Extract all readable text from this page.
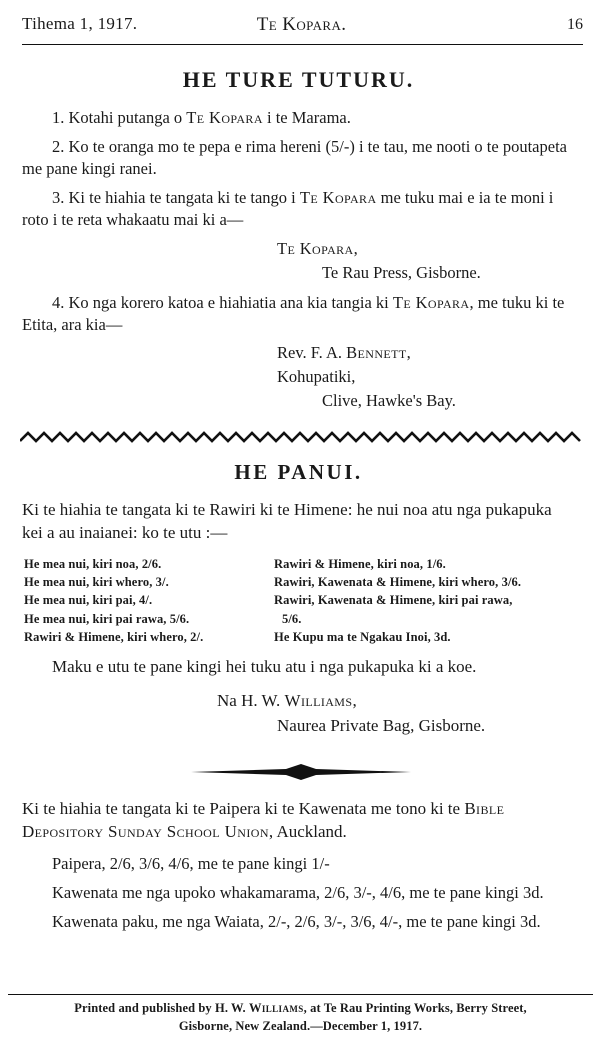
Tihema 1, 1917.	Te Kopara.	16
HE TURE TUTURU.

1. Kotahi putanga o Te Kopara i te Marama.

2. Ko te oranga mo te pepa e rima hereni (5/-) i te tau, me nooti o te poutapeta me pane kingi ranei.

3. Ki te hiahia te tangata ki te tango i Te Kopara me tuku mai e ia te moni i roto i te reta whakaatu mai ki a—

Te Kopara,

Te Rau Press, Gisborne.

4. Ko nga korero katoa e hiahiatia ana kia tangia ki Te Kopara, me tuku ki te Etita, ara kia—

Rev. F. A. Bennett,

Kohupatiki,

Clive, Hawke's Bay.

HE PANUI.

Ki te hiahia te tangata ki te Rawiri ki te Himene: he nui noa atu nga pukapuka kei a au inaianei: ko te utu :—

He mea nui, kiri noa, 2/6.
He mea nui, kiri whero, 3/.
He mea nui, kiri pai, 4/.
He mea nui, kiri pai rawa, 5/6.
Rawiri & Himene, kiri whero, 2/.
Rawiri & Himene, kiri noa, 1/6.
Rawiri, Kawenata & Himene, kiri whero, 3/6.
Rawiri, Kawenata & Himene, kiri pai rawa,
5/6.
He Kupu ma te Ngakau Inoi, 3d.

Maku e utu te pane kingi hei tuku atu i nga pukapuka ki a koe.

Na H. W. Williams,

Naurea Private Bag, Gisborne.

Ki te hiahia te tangata ki te Paipera ki te Kawenata me tono ki te Bible Depository Sunday School Union, Auckland.

Paipera, 2/6, 3/6, 4/6, me te pane kingi 1/-

Kawenata me nga upoko whakamarama, 2/6, 3/-, 4/6, me te pane kingi 3d.

Kawenata paku, me nga Waiata, 2/-, 2/6, 3/-, 3/6, 4/-, me te pane kingi 3d.

Printed and published by H. W. Williams, at Te Rau Printing Works, Berry Street,

Gisborne, New Zealand.—December 1, 1917.
